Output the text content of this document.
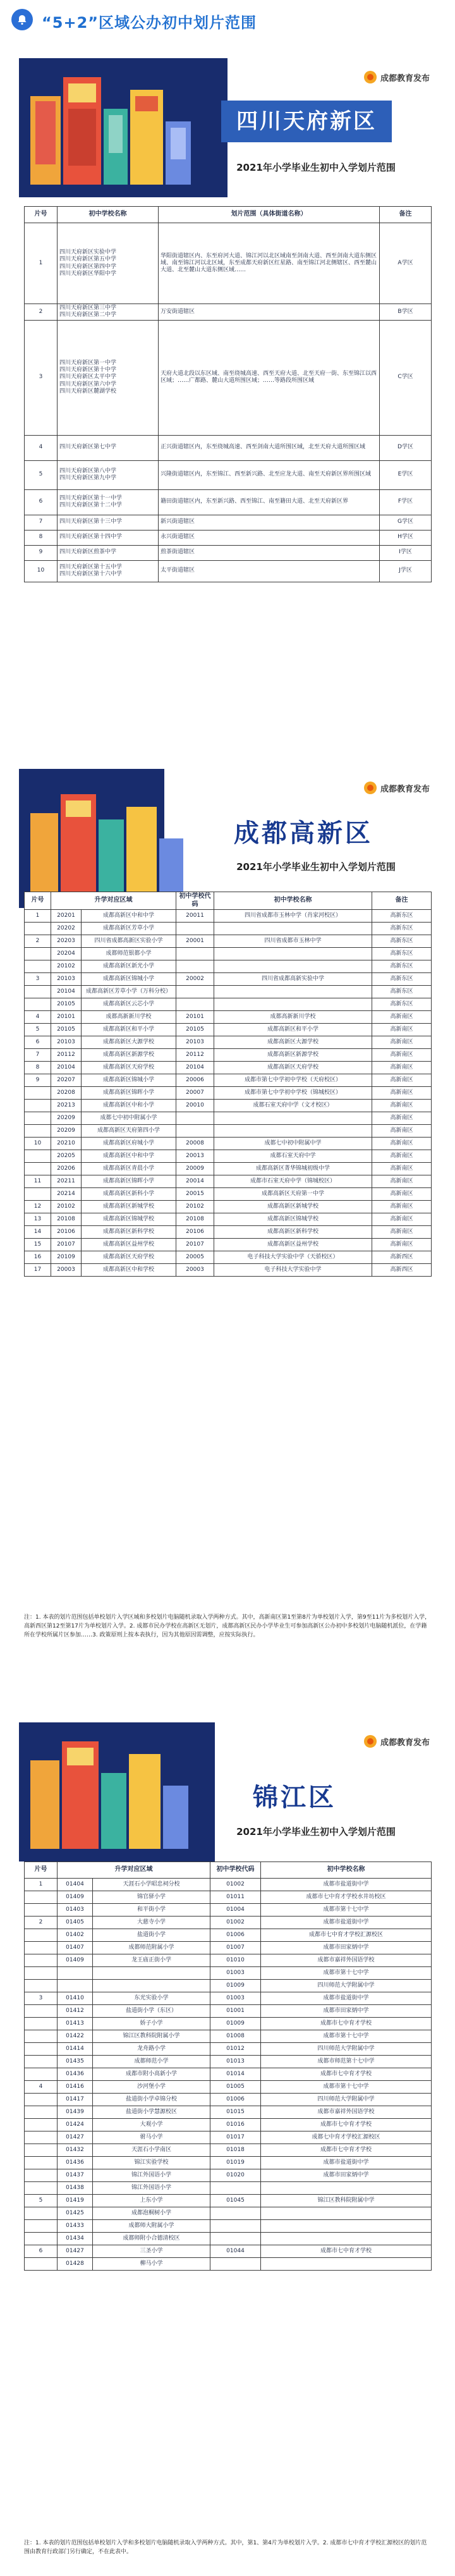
“5+2”区域公办初中划片范围
成都教育发布
四川天府新区
2021年小学毕业生初中入学划片范围
片号	初中学校名称	划片范围（具体街道名称）	备注
1	四川天府新区实验中学
四川天府新区第五中学
四川天府新区第四中学
四川天府新区华阳中学	华阳街道辖区内、东至府河大道、锦江河以北区域南至剑南大道、西至剑南大道东侧区域、南至锦江河以北区域，东至成都天府新区红星路、南至锦江河北侧辖区、西至麓山大道、北至麓山大道东侧区域……	A学区
2	四川天府新区第三中学
四川天府新区第二中学	万安街道辖区	B学区
3	四川天府新区第一中学
四川天府新区第十中学
四川天府新区太平中学
四川天府新区第六中学
四川天府新区麓湖学校	天府大道北段以东区域、南至绕城高速、西至天府大道、北至天府一街、东至锦江以西区域；……广都路、麓山大道所围区域；……等路段所围区域	C学区
4	四川天府新区第七中学	正兴街道辖区内，东至绕城高速、西至剑南大道所围区域，北至天府大道所围区域	D学区
5	四川天府新区第八中学
四川天府新区第九中学	兴隆街道辖区内，东至锦江、西至新兴路、北至应龙大道、南至天府新区界所围区域	E学区
6	四川天府新区第十一中学
四川天府新区第十二中学	籍田街道辖区内，东至新兴路、西至锦江、南至籍田大道、北至天府新区界	F学区
7	四川天府新区第十三中学	新兴街道辖区	G学区
8	四川天府新区第十四中学	永兴街道辖区	H学区
9	四川天府新区煎茶中学	煎茶街道辖区	I学区
10	四川天府新区第十五中学
四川天府新区第十六中学	太平街道辖区	J学区
成都教育发布
成都高新区
2021年小学毕业生初中入学划片范围
片号	升学对应区域		初中学校代码	初中学校名称	备注
1	20201	成都高新区中和中学	20011	四川省成都市玉林中学（肖家河校区）	高新东区
	20202	成都高新区芳草小学			高新东区
2	20203	四川省成都高新区实验小学	20001	四川省成都市玉林中学	高新东区
	20204	成都师范银都小学			高新东区
	20102	成都高新区新光小学			高新东区
3	20103	成都高新区锦城小学	20002	四川省成都高新实验中学	高新东区
	20104	成都高新区芳草小学（万科分校）			高新东区
	20105	成都高新区云芯小学			高新东区
4	20101	成都高新新川学校	20101	成都高新新川学校	高新南区
5	20105	成都高新区和平小学	20105	成都高新区和平小学	高新南区
6	20103	成都高新区大源学校	20103	成都高新区大源学校	高新南区
7	20112	成都高新区新源学校	20112	成都高新区新源学校	高新南区
8	20104	成都高新区天府学校	20104	成都高新区天府学校	高新南区
9	20207	成都高新区锦城小学	20006	成都市第七中学初中学校（天府校区）	高新南区
	20208	成都高新区锦晖小学	20007	成都市第七中学初中学校（锦城校区）	高新南区
	20213	成都高新区中和小学	20010	成都石室天府中学（文才校区）	高新南区
	20209	成都七中初中附属小学			高新南区
	20209	成都高新区天府第四小学			高新南区
10	20210	成都高新区府城小学	20008	成都七中初中附属中学	高新南区
	20205	成都高新区中和中学	20013	成都石室天府中学	高新南区
	20206	成都高新区青晨小学	20009	成都高新区菁华锦城初级中学	高新南区
11	20211	成都高新区锦晖小学	20014	成都市石室天府中学（锦城校区）	高新南区
	20214	成都高新区新科小学	20015	成都高新区天府第一中学	高新南区
12	20102	成都高新区新城学校	20102	成都高新区新城学校	高新南区
13	20108	成都高新区锦城学校	20108	成都高新区锦城学校	高新南区
14	20106	成都高新区新科学校	20106	成都高新区新科学校	高新南区
15	20107	成都高新区益州学校	20107	成都高新区益州学校	高新南区
16	20109	成都高新区天府学校	20005	电子科技大学实验中学（天骄校区）	高新西区
17	20003	成都高新区中和学校	20003	电子科技大学实验中学	高新西区
注：1. 本表的划片范围包括单校划片入学区域和多校划片电脑随机录取入学两种方式。其中，高新南区第1至第8片为单校划片入学，第9至11片为多校划片入学，高新西区第12至第17片为单校划片入学。2. 成都市民办学校在高新区无划片，成都高新区民办小学毕业生可参加高新区公办初中多校划片电脑随机派位，在学籍所在学校所属片区参加……3. 政策原则上按本表执行，因为其他原因需调整，应按实际执行。
成都教育发布
锦江区
2021年小学毕业生初中入学划片范围
片号	升学对应区域		初中学校代码	初中学校名称
1	01404	天涯石小学昭忠祠分校	01002	成都市盐道街中学
	01409	锦官驿小学	01011	成都市七中育才学校水井坊校区
	01403	和平街小学	01004	成都市第十七中学
2	01405	大慈寺小学	01002	成都市盐道街中学
	01402	盐道街小学	01006	成都市七中育才学校汇源校区
	01407	成都师范附属小学	01007	成都市田家炳中学
	01409	龙王庙正街小学	01010	成都市嘉祥外国语学校
			01003	成都市第十七中学
			01009	四川师范大学附属中学
3	01410	东光实验小学	01003	成都市盐道街中学
	01412	盐道街小学（东区）	01001	成都市田家炳中学
	01413	娇子小学	01009	成都市七中育才学校
	01422	锦江区教科院附属小学	01008	成都市第十七中学
	01414	龙舟路小学	01012	四川师范大学附属中学
	01435	成都师范小学	01013	成都市师范第十七中学
	01436	成都市附小高新小学	01014	成都市七中育才学校
4	01416	沙河堡小学	01005	成都市第十七中学
	01417	盐道街小学卓锦分校	01006	四川师范大学附属中学
	01439	盐道街小学慧源校区	01015	成都市嘉祥外国语学校
	01424	大观小学	01016	成都市七中育才学校
	01427	驸马小学	01017	成都七中育才学校汇源校区
	01432	天涯石小学南区	01018	成都市七中育才学校
	01436	锦江实验学校	01019	成都市盐道街中学
	01437	锦江外国语小学	01020	成都市田家炳中学
	01438	锦江外国语小学		
5	01419	上东小学	01045	锦江区教科院附属中学
	01425	成都泡桐树小学		
	01433	成都师大附属小学		
	01434	成都师附小合德清校区		
6	01427	三圣小学	01044	成都市七中育才学校
	01428	柳马小学		
注：1. 本表的划片范围包括单校划片入学和多校划片电脑随机录取入学两种方式。其中，第1、第4片为单校划片入学。2. 成都市七中育才学校汇源校区的划片范围由教育行政部门另行确定，不在此表中。
